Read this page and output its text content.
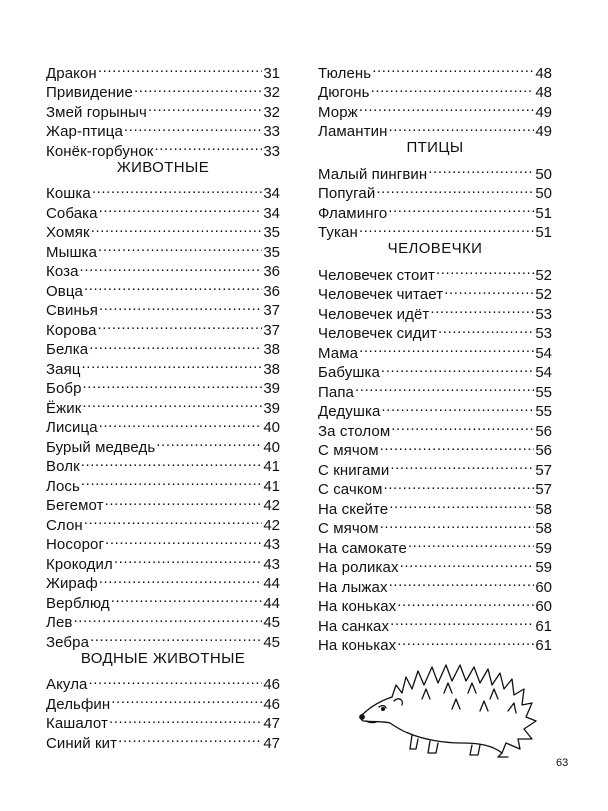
Дракон .....	31
Привидение .....	32
Змей горыныч .....	32
Жар-птица .....	33
Конёк-горбунок .....	33
ЖИВОТНЫЕ
Кошка .....	34
Собака .....	34
Хомяк .....	35
Мышка .....	35
Коза .....	36
Овца .....	36
Свинья .....	37
Корова .....	37
Белка .....	38
Заяц .....	38
Бобр .....	39
Ёжик .....	39
Лисица .....	40
Бурый медведь .....	40
Волк .....	41
Лось .....	41
Бегемот .....	42
Слон .....	42
Носорог .....	43
Крокодил .....	43
Жираф .....	44
Верблюд .....	44
Лев .....	45
Зебра .....	45
ВОДНЫЕ ЖИВОТНЫЕ
Акула .....	46
Дельфин .....	46
Кашалот .....	47
Синий кит .....	47
Тюлень .....	48
Дюгонь .....	48
Морж .....	49
Ламантин .....	49
ПТИЦЫ
Малый пингвин .....	50
Попугай .....	50
Фламинго .....	51
Тукан .....	51
ЧЕЛОВЕЧКИ
Человечек стоит .....	52
Человечек читает .....	52
Человечек идёт .....	53
Человечек сидит .....	53
Мама .....	54
Бабушка .....	54
Папа .....	55
Дедушка .....	55
За столом .....	56
С мячом .....	56
С книгами .....	57
С сачком .....	57
На скейте .....	58
С мячом .....	58
На самокате .....	59
На роликах .....	59
На лыжах .....	60
На коньках .....	60
На санках .....	61
На коньках .....	61
63
